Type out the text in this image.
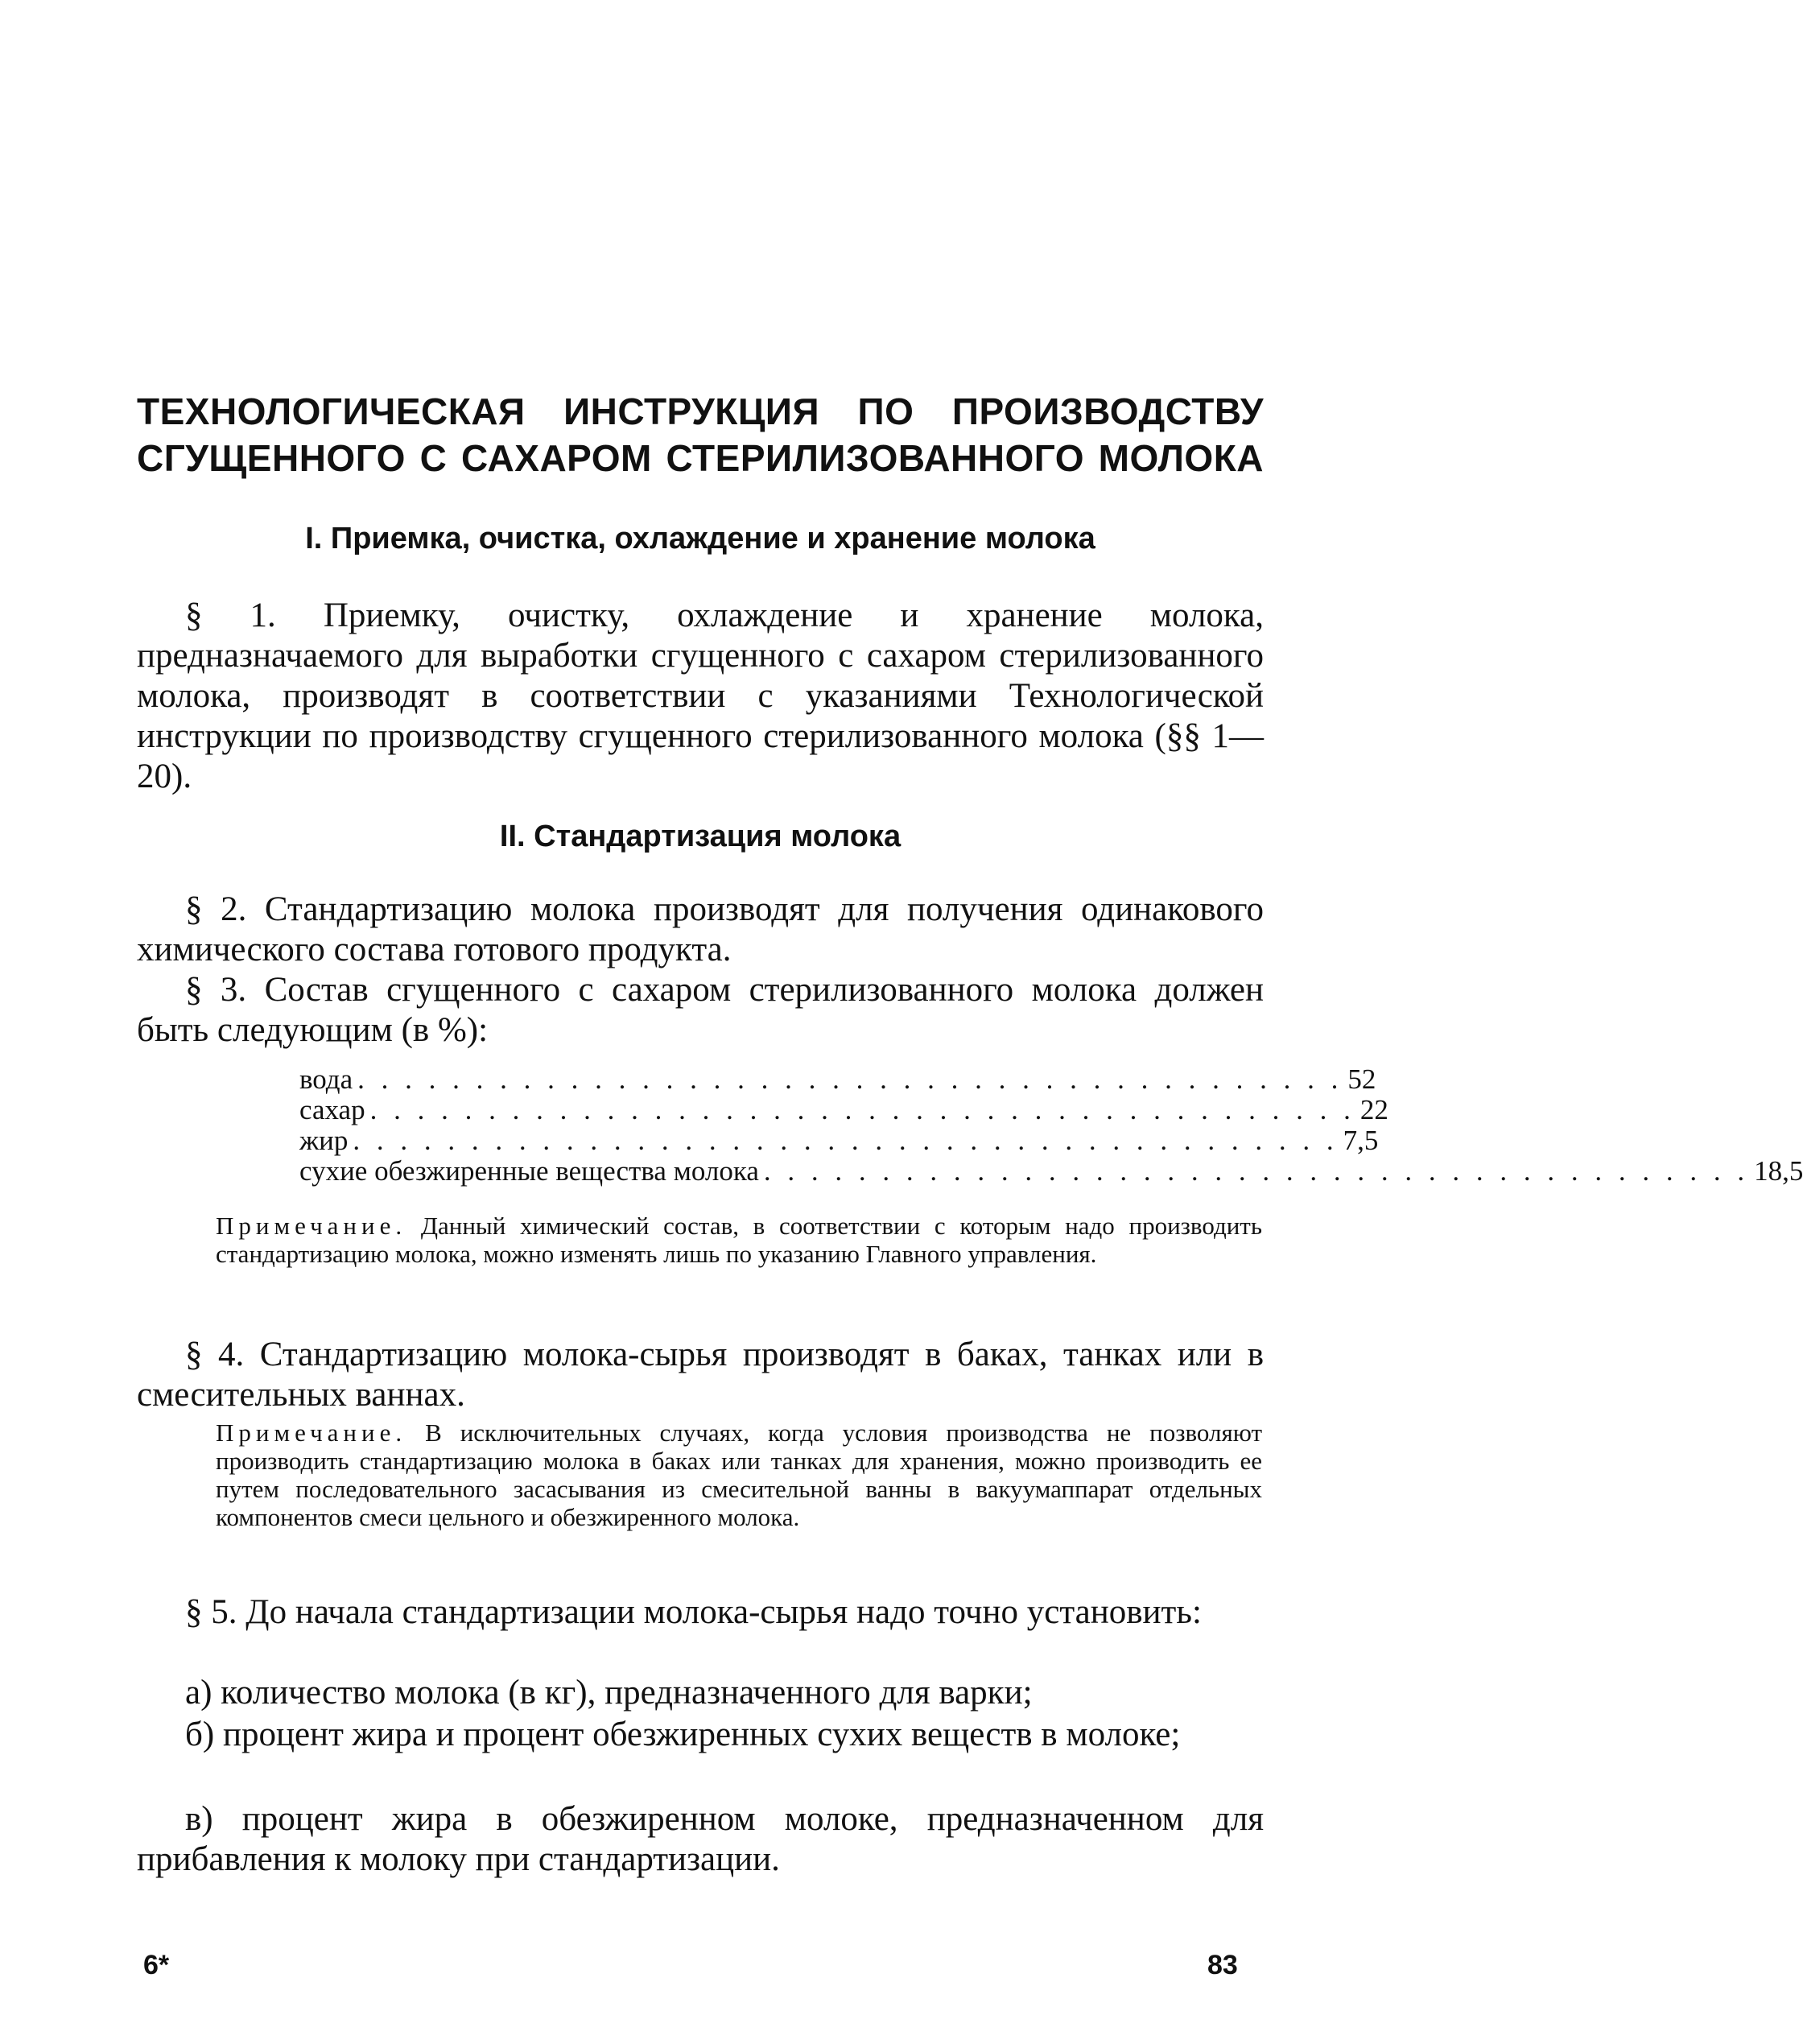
ТЕХНОЛОГИЧЕСКАЯ ИНСТРУКЦИЯ ПО ПРОИЗВОДСТВУ
СГУЩЕННОГО С САХАРОМ СТЕРИЛИЗОВАННОГО МОЛОКА
I. Приемка, очистка, охлаждение и хранение молока
§ 1. Приемку, очистку, охлаждение и хранение молока, предназначаемого для выработки сгущенного с сахаром стерилизованного молока, производят в соответствии с указаниями Технологической инструкции по производству сгущенного стерилизованного молока (§§ 1—20).
II. Стандартизация молока
§ 2. Стандартизацию молока производят для получения одинакового химического состава готового продукта.
§ 3. Состав сгущенного с сахаром стерилизованного молока должен быть следующим (в %):
вода . . . . . . . . . . . . . . . . . . . . . . . . . . . . . . . . . . . . . . . . . . 52
сахар . . . . . . . . . . . . . . . . . . . . . . . . . . . . . . . . . . . . . . . . . . 22
жир . . . . . . . . . . . . . . . . . . . . . . . . . . . . . . . . . . . . . . . . . . 7,5
сухие обезжиренные вещества молока . . . . . . . . . . . . . . . . . . . . . . . . . . . . . . . . . . . . . . . . . . 18,5
Примечание. Данный химический состав, в соответствии с которым надо производить стандартизацию молока, можно изменять лишь по указанию Главного управления.
§ 4. Стандартизацию молока-сырья производят в баках, танках или в смесительных ваннах.
Примечание. В исключительных случаях, когда условия производства не позволяют производить стандартизацию молока в баках или танках для хранения, можно производить ее путем последовательного засасывания из смесительной ванны в вакуумаппарат отдельных компонентов смеси цельного и обезжиренного молока.
§ 5. До начала стандартизации молока-сырья надо точно установить:
а) количество молока (в кг), предназначенного для варки;
б) процент жира и процент обезжиренных сухих веществ в молоке;
в) процент жира в обезжиренном молоке, предназначенном для прибавления к молоку при стандартизации.
6*	83
